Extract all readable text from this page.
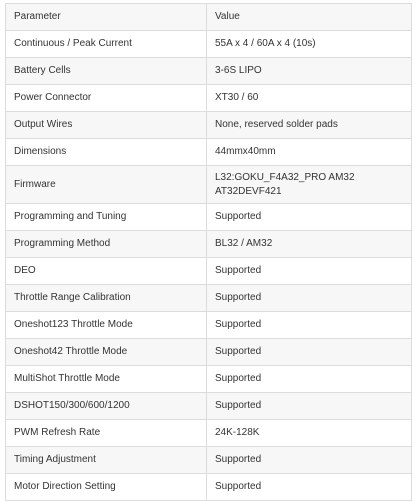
Parameter	Value
Continuous / Peak Current	55A x 4 / 60A x 4 (10s)

Battery Cells	3-6S LIPO

Power Connector	XT30 / 60

Output Wires	None, reserved solder pads

Dimensions	44mmx40mm

Firmware	L32:GOKU_F4A32_PRO AM32
AT32DEVF421

Programming and Tuning	Supported

Programming Method	BL32 / AM32

DEO	Supported

Throttle Range Calibration	Supported

Oneshot123 Throttle Mode	Supported

Oneshot42 Throttle Mode	Supported

MultiShot Throttle Mode	Supported

DSHOT150/300/600/1200	Supported

PWM Refresh Rate	24K-128K

Timing Adjustment	Supported

Motor Direction Setting	Supported
